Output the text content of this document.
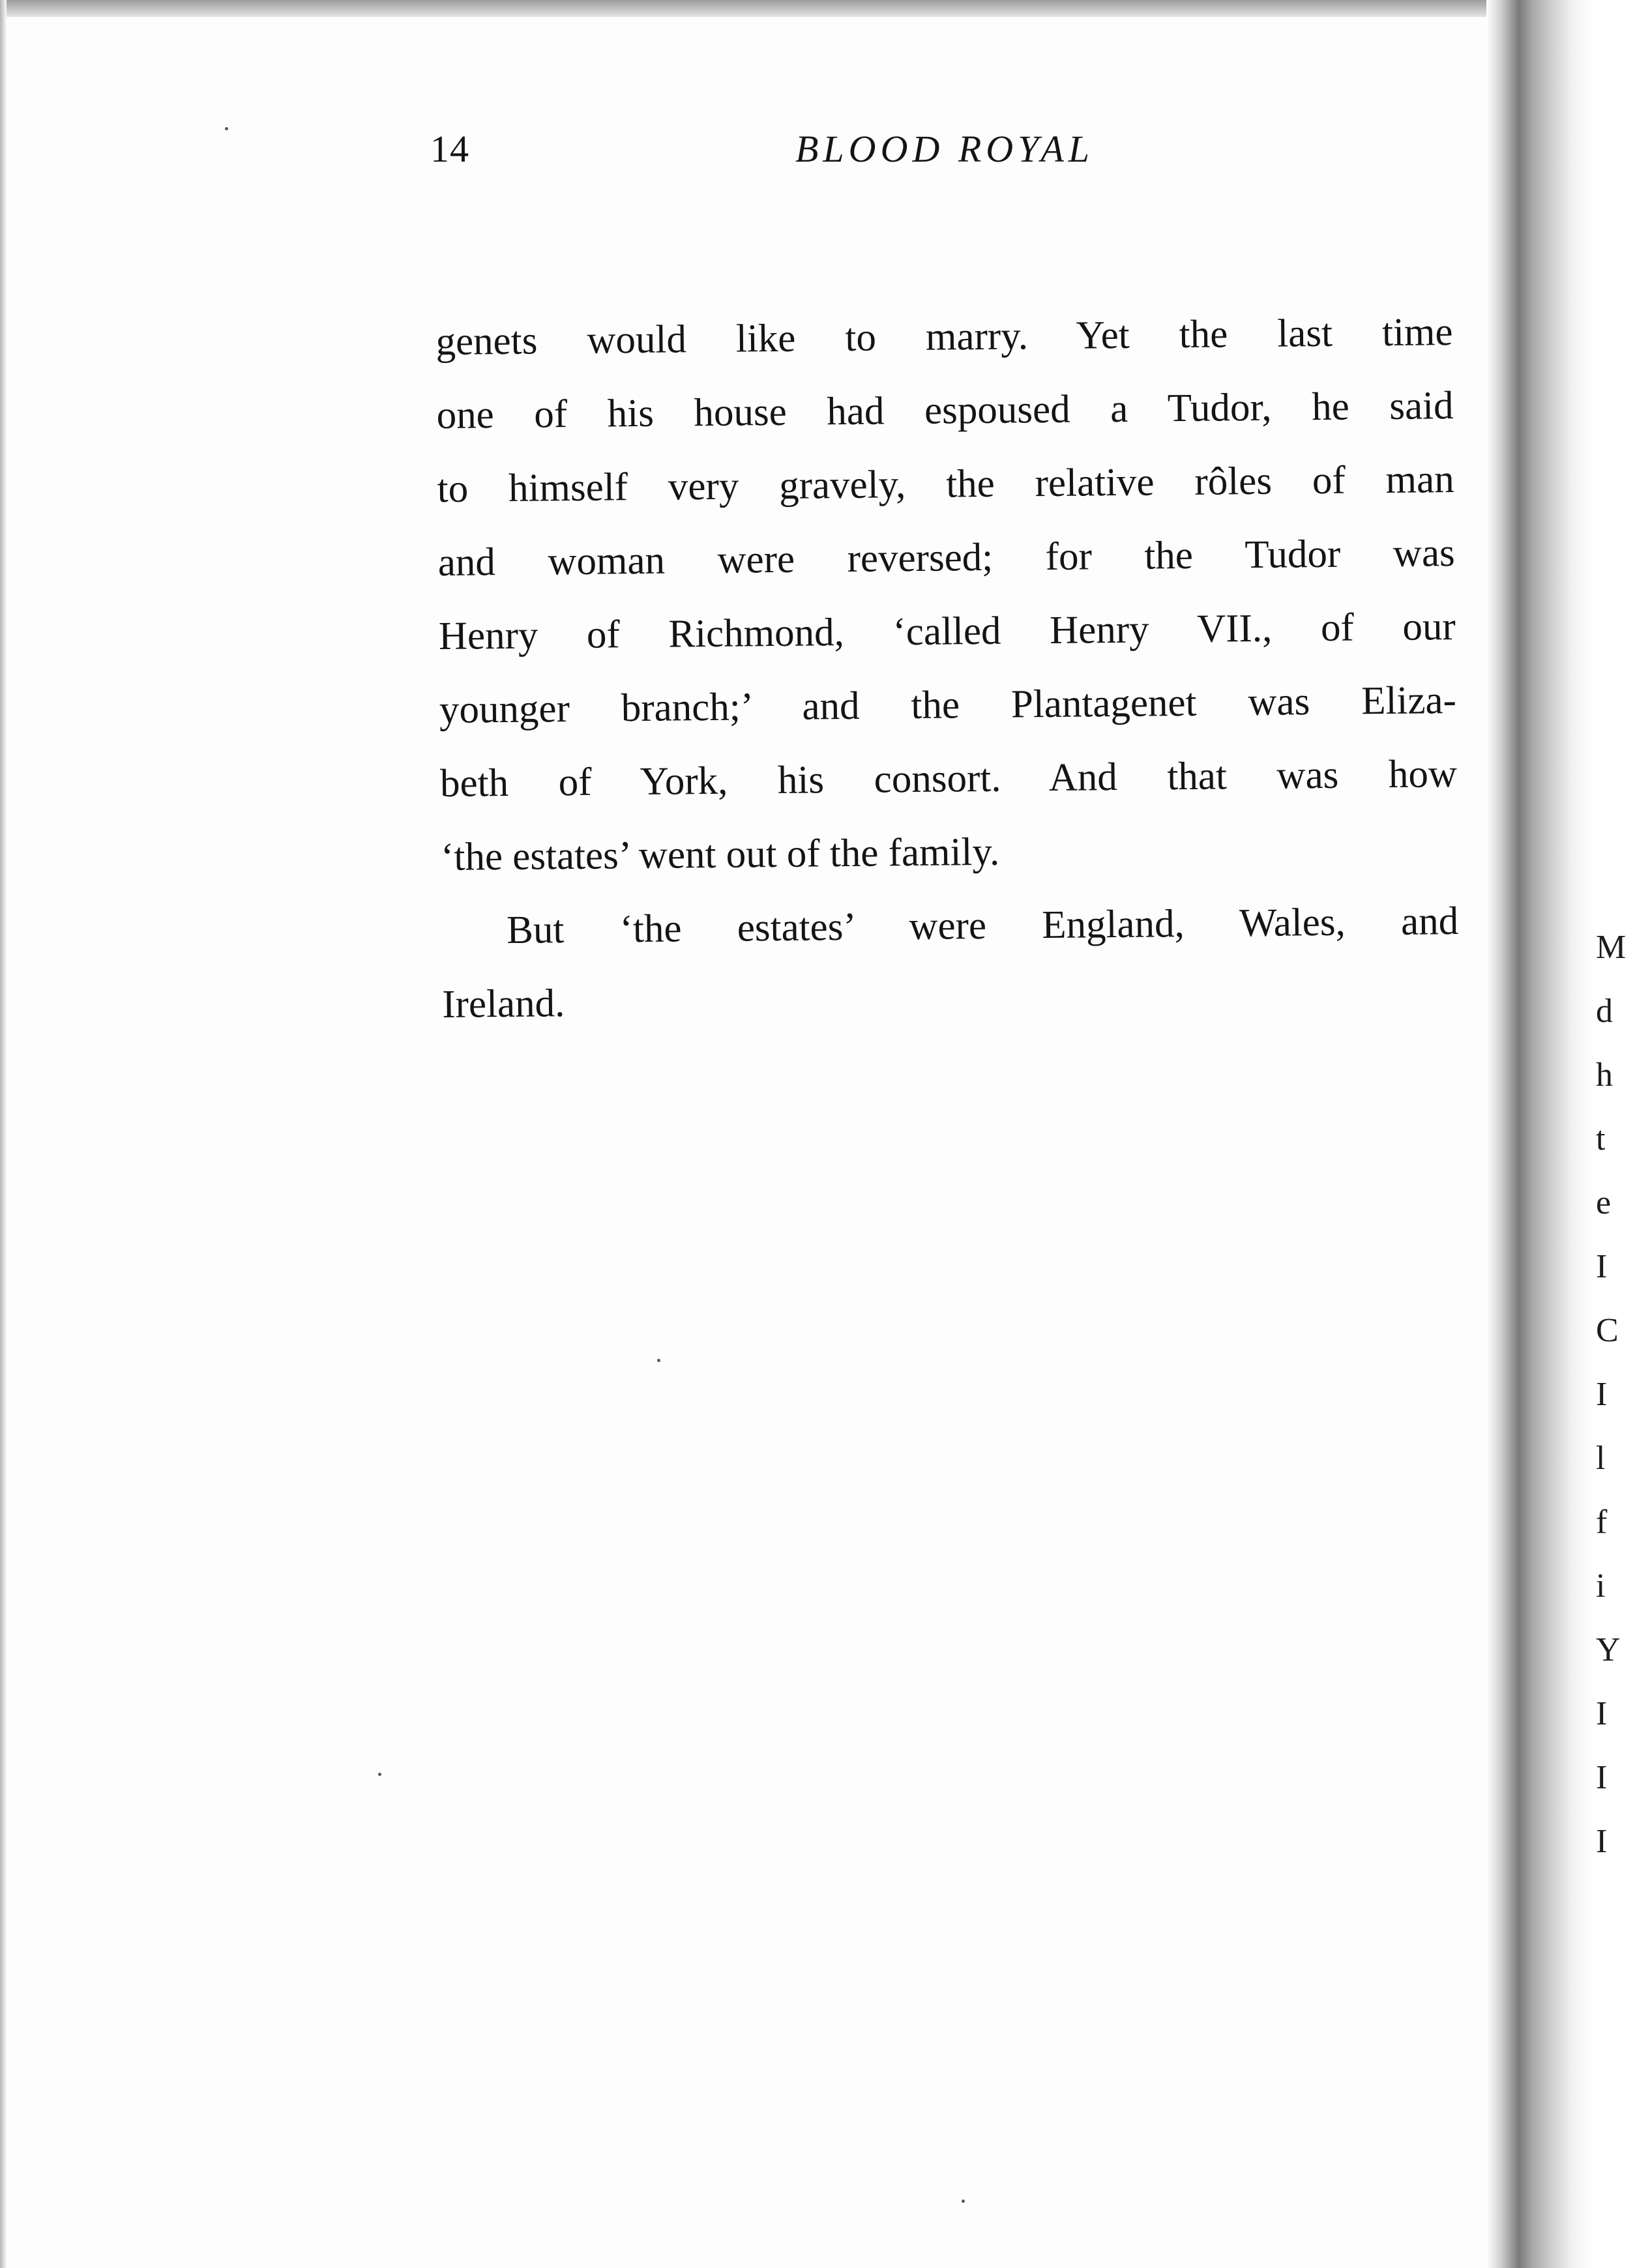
M
d
h
t
e
I
C
I
l
f
i
Y
I
I
I
14	BLOOD ROYAL
genets would like to marry. Yet the last time
one of his house had espoused a Tudor, he said
to himself very gravely, the relative rôles of man
and woman were reversed; for the Tudor was
Henry of Richmond, ‘called Henry VII., of our
younger branch;’ and the Plantagenet was Eliza-
beth of York, his consort. And that was how
‘the estates’ went out of the family.
But ‘the estates’ were England, Wales, and
Ireland.
